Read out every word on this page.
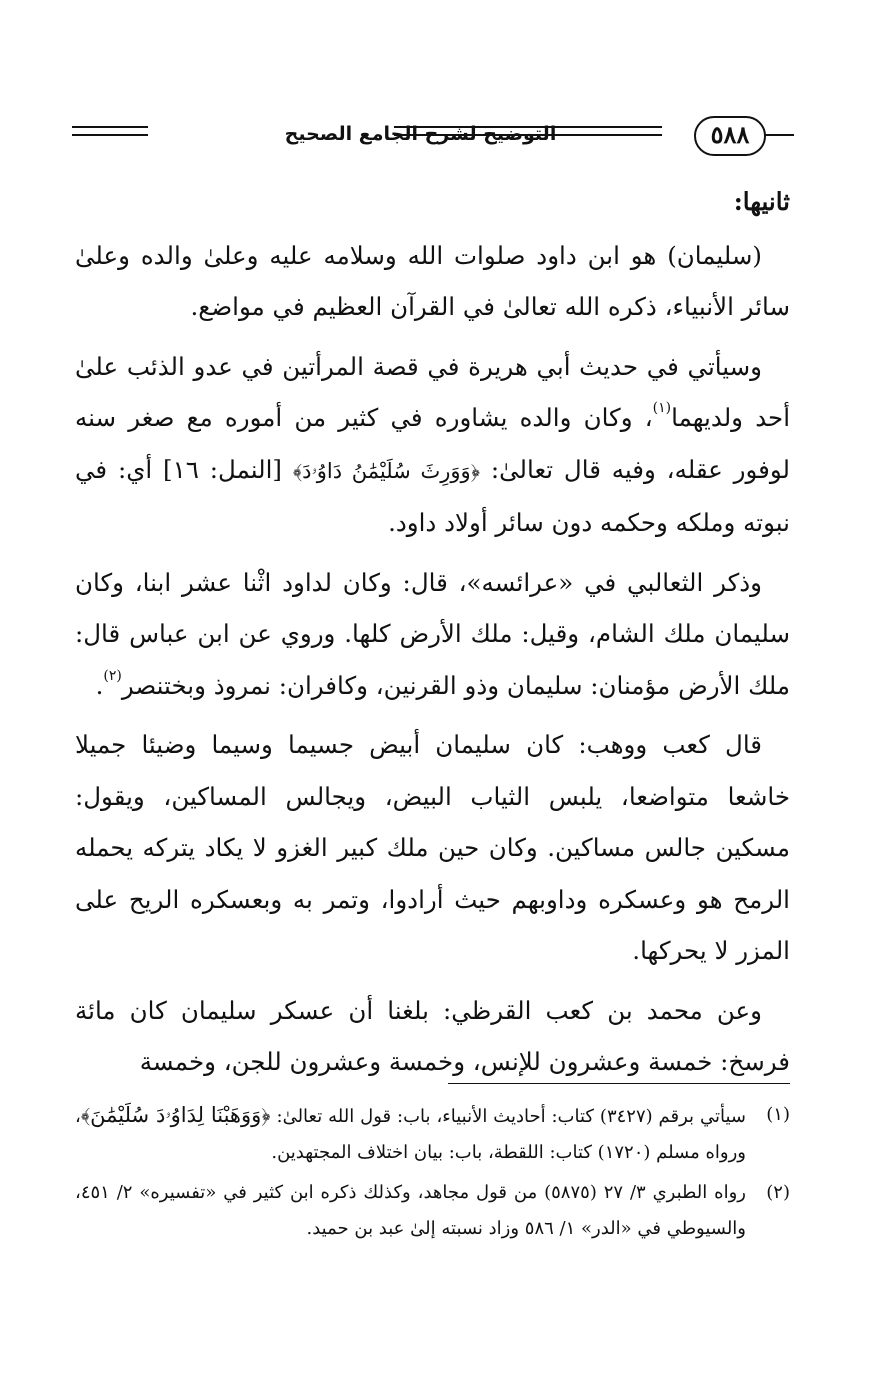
التوضيح لشرح الجامع الصحيح	٥٨٨

ثانيها:

(سليمان) هو ابن داود صلوات الله وسلامه عليه وعلىٰ والده وعلىٰ سائر الأنبياء، ذكره الله تعالىٰ في القرآن العظيم في مواضع.

وسيأتي في حديث أبي هريرة في قصة المرأتين في عدو الذئب علىٰ أحد ولديهما$^{(١)}$، وكان والده يشاوره في كثير من أموره مع صغر سنه لوفور عقله، وفيه قال تعالىٰ: ﴿وَوَرِثَ سُلَيْمَٰنُ دَاوُۥدَ﴾ [النمل: ١٦] أي: في نبوته وملكه وحكمه دون سائر أولاد داود.

وذكر الثعالبي في «عرائسه»، قال: وكان لداود اثْنا عشر ابنا، وكان سليمان ملك الشام، وقيل: ملك الأرض كلها. وروي عن ابن عباس قال: ملك الأرض مؤمنان: سليمان وذو القرنين، وكافران: نمروذ وبختنصر$^{(٢)}$.

قال كعب ووهب: كان سليمان أبيض جسيما وسيما وضيئا جميلا خاشعا متواضعا، يلبس الثياب البيض، ويجالس المساكين، ويقول: مسكين جالس مساكين. وكان حين ملك كبير الغزو لا يكاد يتركه يحمله الرمح هو وعسكره وداوبهم حيث أرادوا، وتمر به وبعسكره الريح على المزر لا يحركها.

وعن محمد بن كعب القرظي: بلغنا أن عسكر سليمان كان مائة فرسخ: خمسة وعشرون للإنس، وخمسة وعشرون للجن، وخمسة

(١)
سيأتي برقم (٣٤٢٧) كتاب: أحاديث الأنبياء، باب: قول الله تعالىٰ: ﴿وَوَهَبْنَا لِدَاوُۥدَ سُلَيْمَٰنَ﴾، ورواه مسلم (١٧٢٠) كتاب: اللقطة، باب: بيان اختلاف المجتهدين.
(٢)
رواه الطبري ٣/ ٢٧ (٥٨٧٥) من قول مجاهد، وكذلك ذكره ابن كثير في «تفسيره» ٢/ ٤٥١، والسيوطي في «الدر» ١/ ٥٨٦ وزاد نسبته إلىٰ عبد بن حميد.
